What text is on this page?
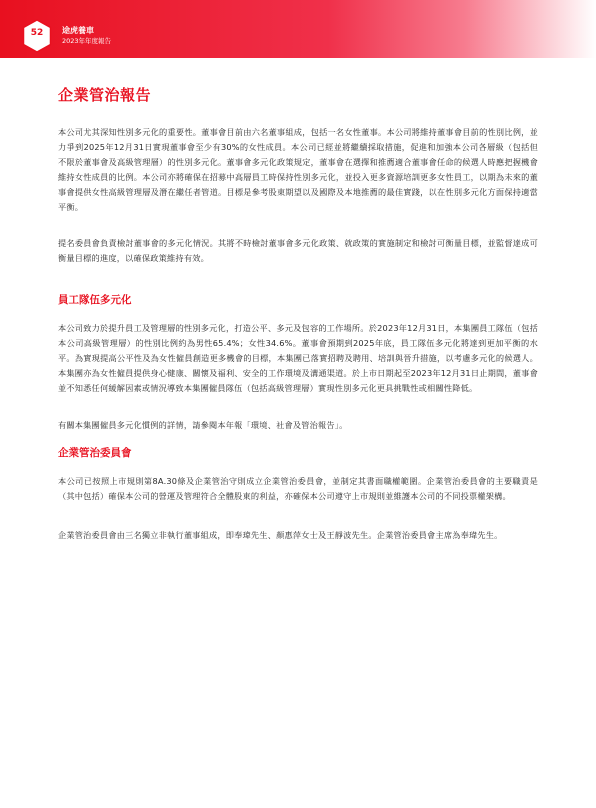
52	途虎養車
2023年年度報告
企業管治報告

本公司尤其深知性別多元化的重要性。董事會目前由六名董事組成，包括一名女性董事。本公司將維持董事會目前的性別比例，並力爭到2025年12月31日實現董事會至少有30%的女性成員。本公司已經並將繼續採取措施，促進和加強本公司各層級（包括但不限於董事會及高級管理層）的性別多元化。董事會多元化政策規定，董事會在選擇和推薦適合董事會任命的候選人時應把握機會維持女性成員的比例。本公司亦將確保在招募中高層員工時保持性別多元化，並投入更多資源培訓更多女性員工，以期為未來的董事會提供女性高級管理層及潛在繼任者管道。目標是參考股東期望以及國際及本地推薦的最佳實踐，以在性別多元化方面保持適當平衡。

提名委員會負責檢討董事會的多元化情況。其將不時檢討董事會多元化政策、就政策的實施制定和檢討可衡量目標，並監督達成可衡量目標的進度，以確保政策維持有效。

員工隊伍多元化

本公司致力於提升員工及管理層的性別多元化，打造公平、多元及包容的工作場所。於2023年12月31日，本集團員工隊伍（包括本公司高級管理層）的性別比例約為男性65.4%；女性34.6%。董事會預期到2025年底，員工隊伍多元化將達到更加平衡的水平。為實現提高公平性及為女性僱員創造更多機會的目標，本集團已落實招聘及聘用、培訓與晉升措施，以考慮多元化的候選人。本集團亦為女性僱員提供身心健康、關懷及福利、安全的工作環境及溝通渠道。於上市日期起至2023年12月31日止期間，董事會並不知悉任何緩解因素或情況導致本集團僱員隊伍（包括高級管理層）實現性別多元化更具挑戰性或相關性降低。

有關本集團僱員多元化慣例的詳情，請參閱本年報「環境、社會及管治報告」。

企業管治委員會

本公司已按照上市規則第8A.30條及企業管治守則成立企業管治委員會，並制定其書面職權範圍。企業管治委員會的主要職責是（其中包括）確保本公司的營運及管理符合全體股東的利益，亦確保本公司遵守上市規則並維護本公司的不同投票權架構。

企業管治委員會由三名獨立非執行董事組成，即奉瑋先生、顏惠萍女士及王靜波先生。企業管治委員會主席為奉瑋先生。
